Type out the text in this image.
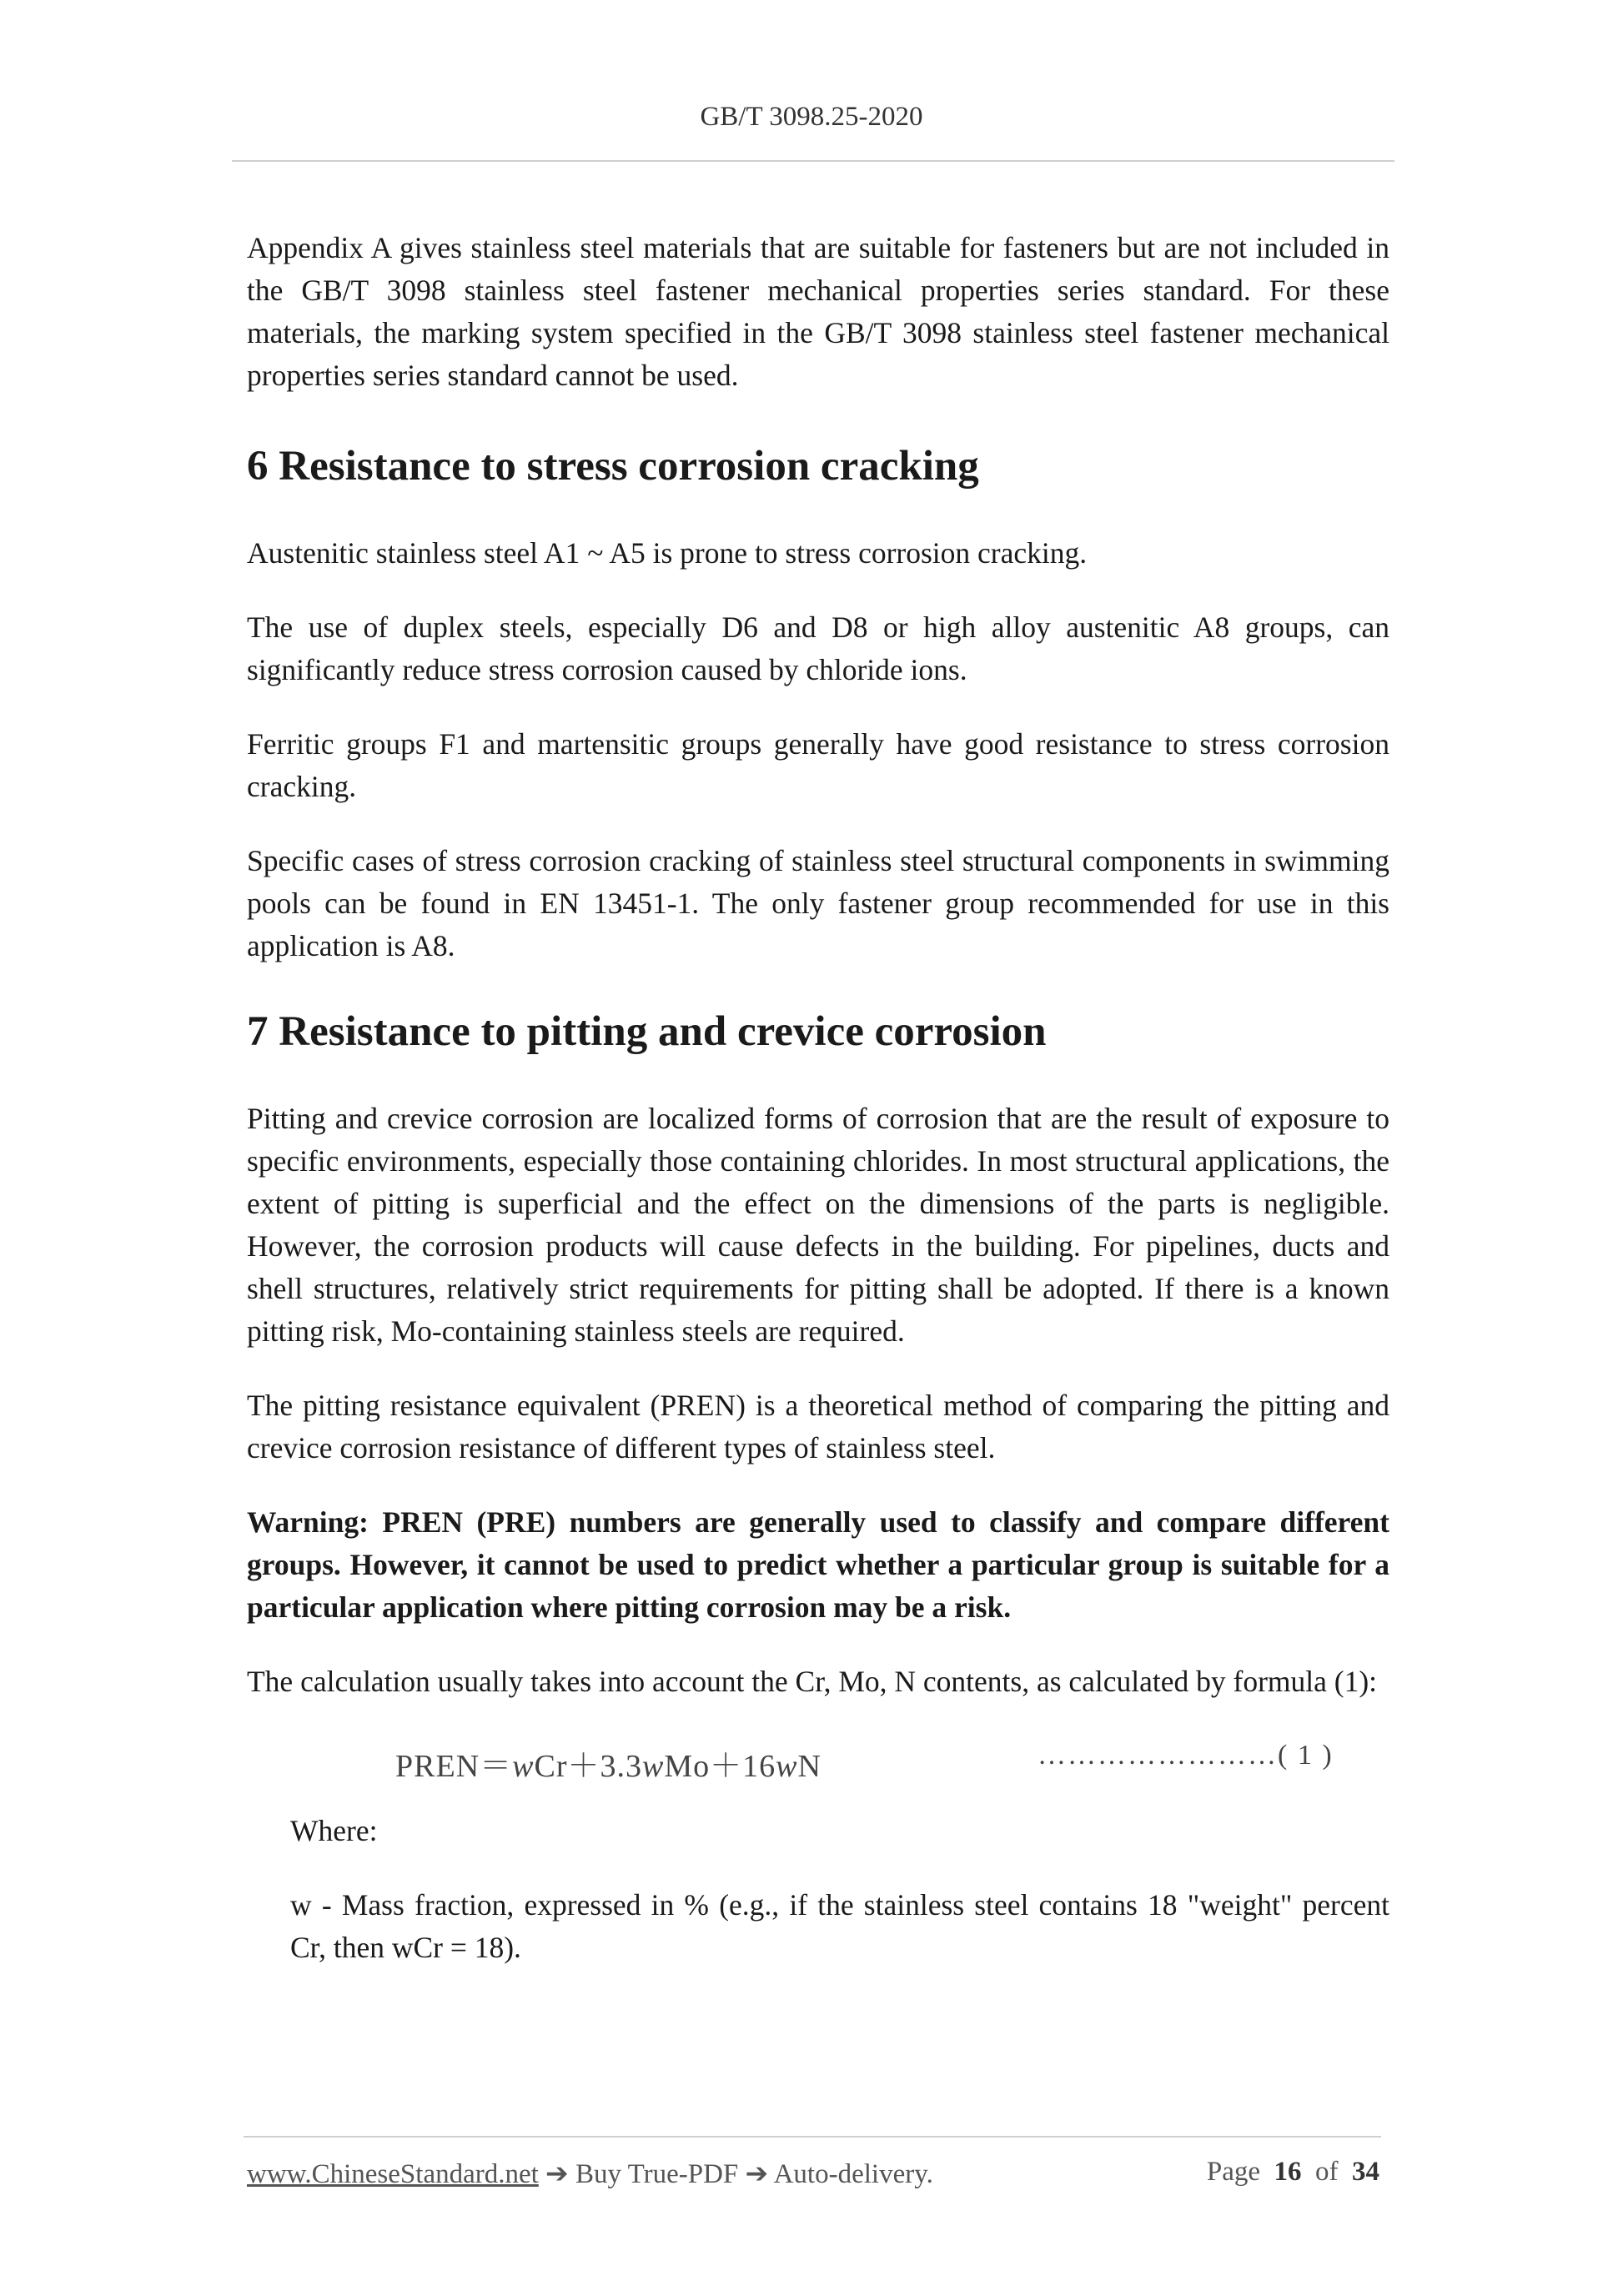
GB/T 3098.25-2020

Appendix A gives stainless steel materials that are suitable for fasteners but are not included in the GB/T 3098 stainless steel fastener mechanical properties series standard. For these materials, the marking system specified in the GB/T 3098 stainless steel fastener mechanical properties series standard cannot be used.

6 Resistance to stress corrosion cracking

Austenitic stainless steel A1 ~ A5 is prone to stress corrosion cracking.

The use of duplex steels, especially D6 and D8 or high alloy austenitic A8 groups, can significantly reduce stress corrosion caused by chloride ions.

Ferritic groups F1 and martensitic groups generally have good resistance to stress corrosion cracking.

Specific cases of stress corrosion cracking of stainless steel structural components in swimming pools can be found in EN 13451-1. The only fastener group recommended for use in this application is A8.

7 Resistance to pitting and crevice corrosion

Pitting and crevice corrosion are localized forms of corrosion that are the result of exposure to specific environments, especially those containing chlorides. In most structural applications, the extent of pitting is superficial and the effect on the dimensions of the parts is negligible. However, the corrosion products will cause defects in the building. For pipelines, ducts and shell structures, relatively strict requirements for pitting shall be adopted. If there is a known pitting risk, Mo-containing stainless steels are required.

The pitting resistance equivalent (PREN) is a theoretical method of comparing the pitting and crevice corrosion resistance of different types of stainless steel.

Warning: PREN (PRE) numbers are generally used to classify and compare different groups. However, it cannot be used to predict whether a particular group is suitable for a particular application where pitting corrosion may be a risk.

The calculation usually takes into account the Cr, Mo, N contents, as calculated by formula (1):

PREN＝wCr＋3.3wMo＋16wN	……………………( 1 )
Where:
w - Mass fraction, expressed in % (e.g., if the stainless steel contains 18 "weight" percent Cr, then wCr = 18).
www.ChineseStandard.net ➔ Buy True-PDF ➔ Auto-delivery.	Page 16 of 34
